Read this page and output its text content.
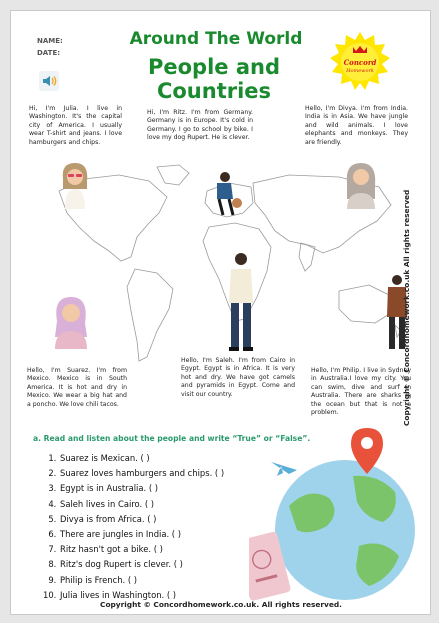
NAME:
DATE:
Around The World
People and Countries
Concord
Homework
Hi, I'm Julia. I live in Washington. It's the capital city of America. I usually wear T-shirt and jeans. I love hamburgers and chips.
Hi, I'm Ritz. I'm from Germany. Germany is in Europe. It's cold in Germany. I go to school by bike. I love my dog Rupert. He is clever.
Hello, I'm Divya. I'm from India. India is in Asia. We have jungle and wild animals. I love elephants and monkeys. They are friendly.
Hello, I'm Suarez. I'm from Mexico. Mexico is in South America. It is hot and dry in Mexico. We wear a big hat and a poncho. We love chili tacos.
Hello, I'm Saleh. I'm from Cairo in Egypt. Egypt is in Africa. It is very hot and dry. We have got camels and pyramids in Egypt. Come and visit our country.
Hello, I'm Philip. I live in Sydney in Australia.I love my city. You can swim, dive and surf in Australia. There are sharks in the ocean but that is not a problem.
a. Read and listen about the people and write “True” or “False”.
1. Suarez is Mexican. ( )
2. Suarez loves hamburgers and chips. ( )
3. Egypt is in Australia. ( )
4. Saleh lives in Cairo. ( )
5. Divya is from Africa. ( )
6. There are jungles in India. ( )
7. Ritz hasn't got a bike. ( )
8. Ritz's dog Rupert is clever. ( )
9. Philip is French. ( )
10. Julia lives in Washington. ( )
Copyright © Concordhomework.co.uk All rights reserved
Copyright © Concordhomework.co.uk. All rights reserved.
